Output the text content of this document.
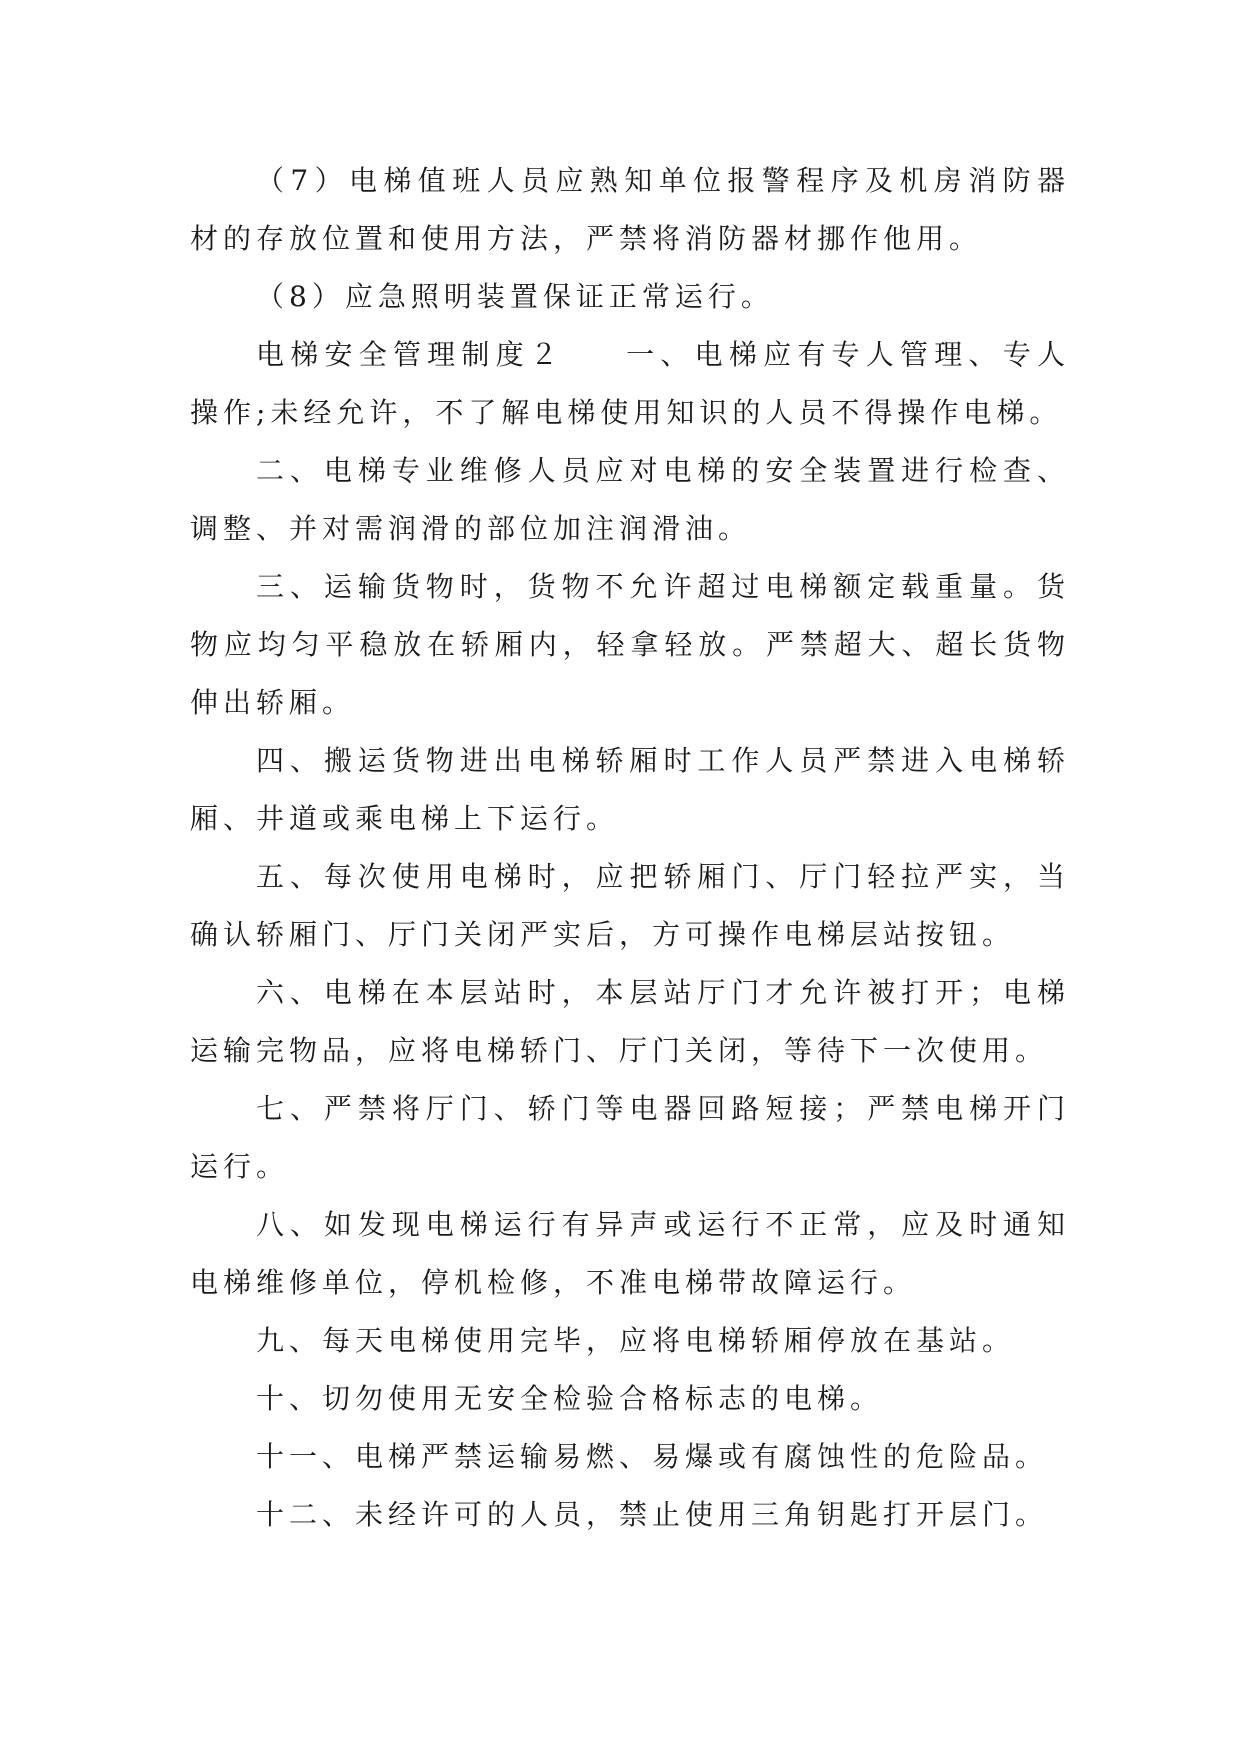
（7）电梯值班人员应熟知单位报警程序及机房消防器材的存放位置和使用方法，严禁将消防器材挪作他用。

（8）应急照明装置保证正常运行。

电梯安全管理制度２ 一、电梯应有专人管理、专人操作;未经允许，不了解电梯使用知识的人员不得操作电梯。

二、电梯专业维修人员应对电梯的安全装置进行检查、调整、并对需润滑的部位加注润滑油。

三、运输货物时，货物不允许超过电梯额定载重量。货物应均匀平稳放在轿厢内，轻拿轻放。严禁超大、超长货物伸出轿厢。

四、搬运货物进出电梯轿厢时工作人员严禁进入电梯轿厢、井道或乘电梯上下运行。

五、每次使用电梯时，应把轿厢门、厅门轻拉严实，当确认轿厢门、厅门关闭严实后，方可操作电梯层站按钮。

六、电梯在本层站时，本层站厅门才允许被打开；电梯运输完物品，应将电梯轿门、厅门关闭，等待下一次使用。

七、严禁将厅门、轿门等电器回路短接；严禁电梯开门运行。

八、如发现电梯运行有异声或运行不正常，应及时通知电梯维修单位，停机检修，不准电梯带故障运行。

九、每天电梯使用完毕，应将电梯轿厢停放在基站。

十、切勿使用无安全检验合格标志的电梯。

十一、电梯严禁运输易燃、易爆或有腐蚀性的危险品。

十二、未经许可的人员，禁止使用三角钥匙打开层门。
